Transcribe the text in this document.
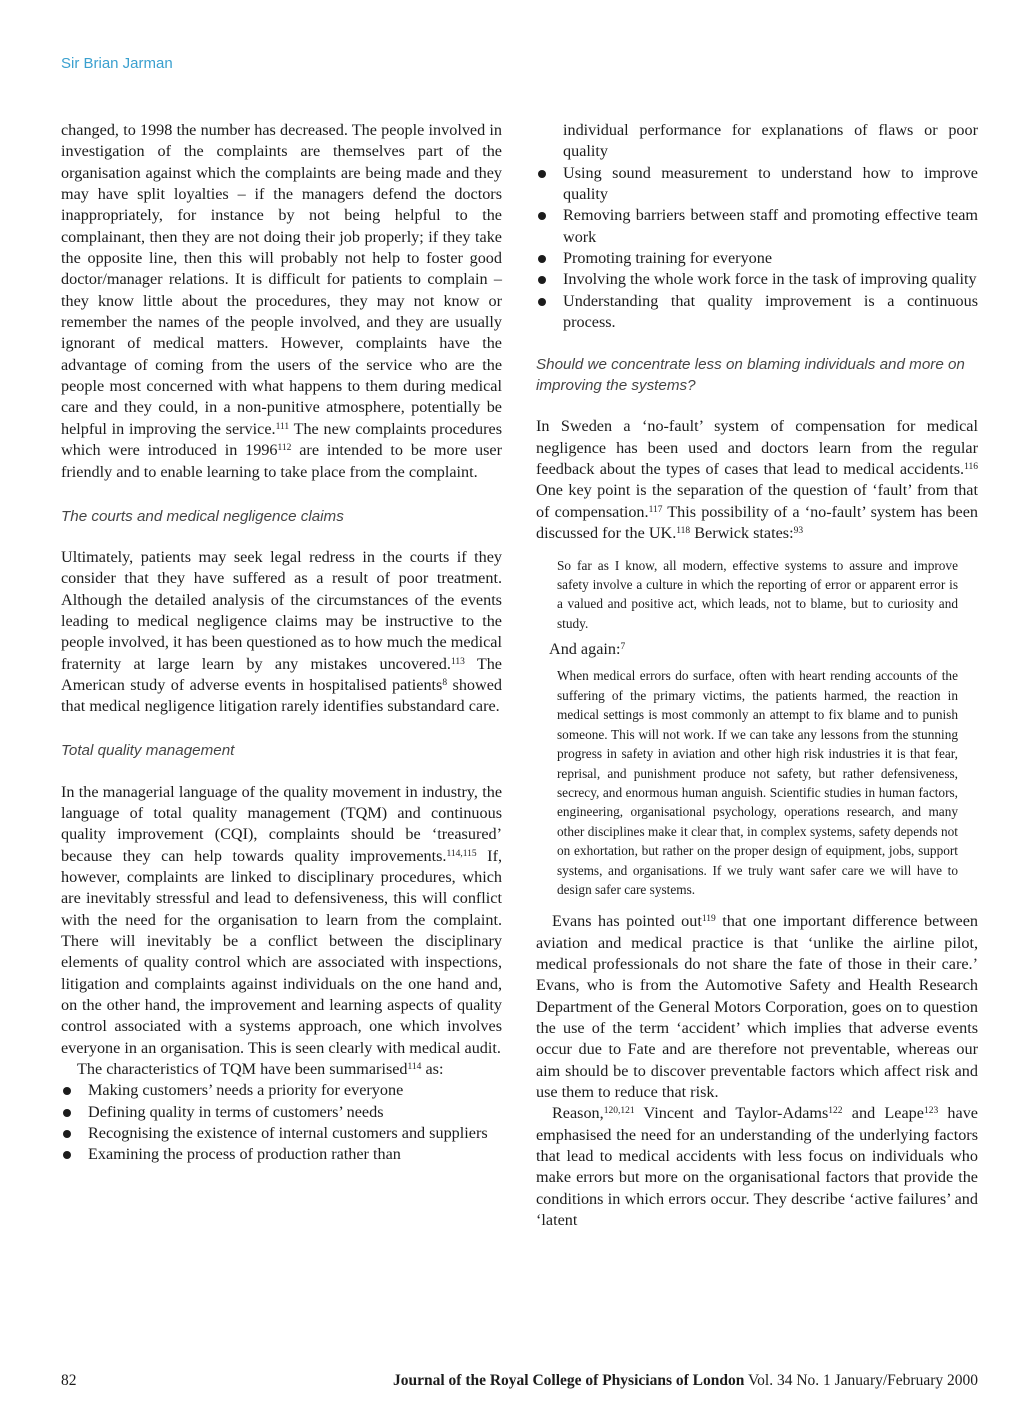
Sir Brian Jarman

changed, to 1998 the number has decreased. The people involved in investigation of the complaints are themselves part of the organisation against which the complaints are being made and they may have split loyalties – if the managers defend the doctors inappropriately, for instance by not being helpful to the complainant, then they are not doing their job properly; if they take the opposite line, then this will probably not help to foster good doctor/manager relations. It is difficult for patients to complain – they know little about the procedures, they may not know or remember the names of the people involved, and they are usually ignorant of medical matters. However, complaints have the advantage of coming from the users of the service who are the people most concerned with what happens to them during medical care and they could, in a non-punitive atmosphere, potentially be helpful in improving the service.$^{111}$ The new complaints procedures which were introduced in 1996$^{112}$ are intended to be more user friendly and to enable learning to take place from the complaint.

The courts and medical negligence claims

Ultimately, patients may seek legal redress in the courts if they consider that they have suffered as a result of poor treatment. Although the detailed analysis of the circumstances of the events leading to medical negligence claims may be instructive to the people involved, it has been questioned as to how much the medical fraternity at large learn by any mistakes uncovered.$^{113}$ The American study of adverse events in hospitalised patients$^8$ showed that medical negligence litigation rarely identifies substandard care.

Total quality management

In the managerial language of the quality movement in industry, the language of total quality management (TQM) and continuous quality improvement (CQI), complaints should be ‘treasured’ because they can help towards quality improvements.$^{114,115}$ If, however, complaints are linked to disciplinary procedures, which are inevitably stressful and lead to defensiveness, this will conflict with the need for the organisation to learn from the complaint. There will inevitably be a conflict between the disciplinary elements of quality control which are associated with inspections, litigation and complaints against individuals on the one hand and, on the other hand, the improvement and learning aspects of quality control associated with a systems approach, one which involves everyone in an organisation. This is seen clearly with medical audit.

The characteristics of TQM have been summarised$^{114}$ as:

Making customers’ needs a priority for everyone
Defining quality in terms of customers’ needs
Recognising the existence of internal customers and suppliers
Examining the process of production rather than
individual performance for explanations of flaws or poor quality
Using sound measurement to understand how to improve quality
Removing barriers between staff and promoting effective team work
Promoting training for everyone
Involving the whole work force in the task of improving quality
Understanding that quality improvement is a continuous process.

Should we concentrate less on blaming individuals and more on improving the systems?

In Sweden a ‘no-fault’ system of compensation for medical negligence has been used and doctors learn from the regular feedback about the types of cases that lead to medical accidents.$^{116}$ One key point is the separation of the question of ‘fault’ from that of compensation.$^{117}$ This possibility of a ‘no-fault’ system has been discussed for the UK.$^{118}$ Berwick states:$^{93}$

So far as I know, all modern, effective systems to assure and improve safety involve a culture in which the reporting of error or apparent error is a valued and positive act, which leads, not to blame, but to curiosity and study.

And again:$^7$

When medical errors do surface, often with heart rending accounts of the suffering of the primary victims, the patients harmed, the reaction in medical settings is most commonly an attempt to fix blame and to punish someone. This will not work. If we can take any lessons from the stunning progress in safety in aviation and other high risk industries it is that fear, reprisal, and punishment produce not safety, but rather defensiveness, secrecy, and enormous human anguish. Scientific studies in human factors, engineering, organisational psychology, operations research, and many other disciplines make it clear that, in complex systems, safety depends not on exhortation, but rather on the proper design of equipment, jobs, support systems, and organisations. If we truly want safer care we will have to design safer care systems.

Evans has pointed out$^{119}$ that one important difference between aviation and medical practice is that ‘unlike the airline pilot, medical professionals do not share the fate of those in their care.’ Evans, who is from the Automotive Safety and Health Research Department of the General Motors Corporation, goes on to question the use of the term ‘accident’ which implies that adverse events occur due to Fate and are therefore not preventable, whereas our aim should be to discover preventable factors which affect risk and use them to reduce that risk.

Reason,$^{120,121}$ Vincent and Taylor-Adams$^{122}$ and Leape$^{123}$ have emphasised the need for an understanding of the underlying factors that lead to medical accidents with less focus on individuals who make errors but more on the organisational factors that provide the conditions in which errors occur. They describe ‘active failures’ and ‘latent

82	Journal of the Royal College of Physicians of London Vol. 34 No. 1 January/February 2000
